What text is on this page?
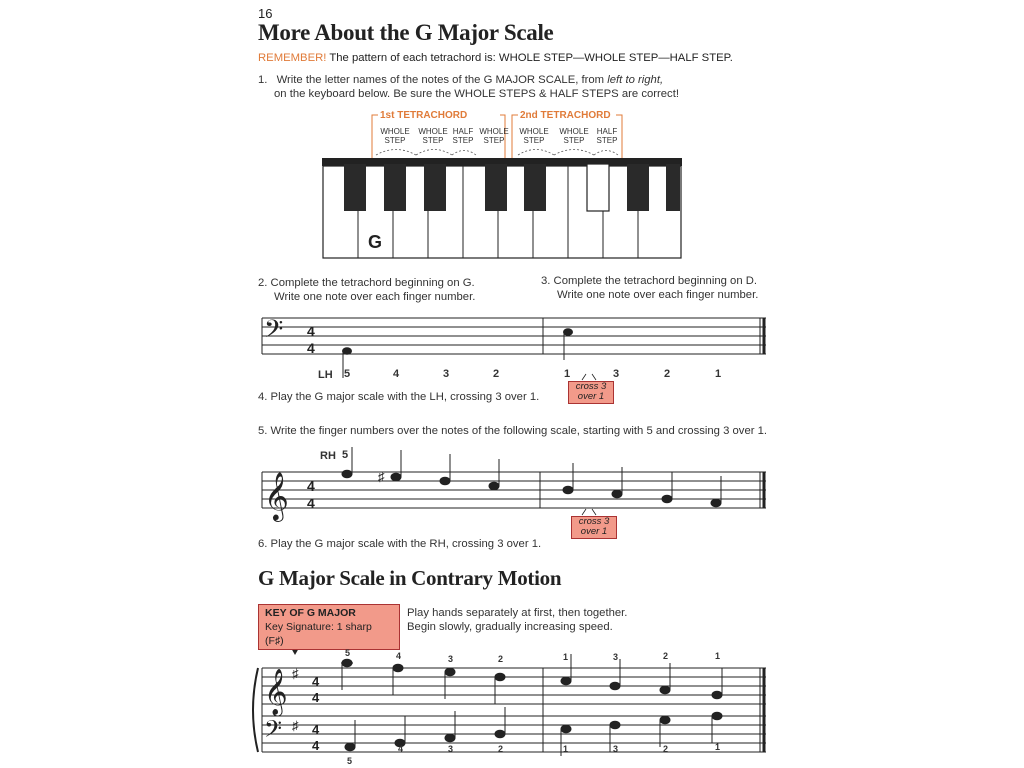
16
More About the G Major Scale
REMEMBER! The pattern of each tetrachord is: WHOLE STEP—WHOLE STEP—HALF STEP.
1. Write the letter names of the notes of the G MAJOR SCALE, from left to right,
on the keyboard below. Be sure the WHOLE STEPS & HALF STEPS are correct!
𝄢 4
4
𝄞 4
4
♯
𝄞
𝄢
♯
♯
4
4
4
4
1st TETRACHORD	2nd TETRACHORD
WHOLE
STEP
WHOLE
STEP
HALF
STEP
WHOLE
STEP
WHOLE
STEP
WHOLE
STEP
HALF
STEP
G
2. Complete the tetrachord beginning on G.
Write one note over each finger number.
3. Complete the tetrachord beginning on D.
Write one note over each finger number.
LH 5	4	3	2	1	3	2	1
cross 3
over 1
4. Play the G major scale with the LH, crossing 3 over 1.
5. Write the finger numbers over the notes of the following scale, starting with 5 and crossing 3 over 1.
RH 5
cross 3
over 1
6. Play the G major scale with the RH, crossing 3 over 1.
G Major Scale in Contrary Motion
KEY OF G MAJOR
Key Signature: 1 sharp (F♯)
Play hands separately at first, then together.
Begin slowly, gradually increasing speed.
5	4	3	2	1	3	2	1
5
4	3	2	1	3	2	1
